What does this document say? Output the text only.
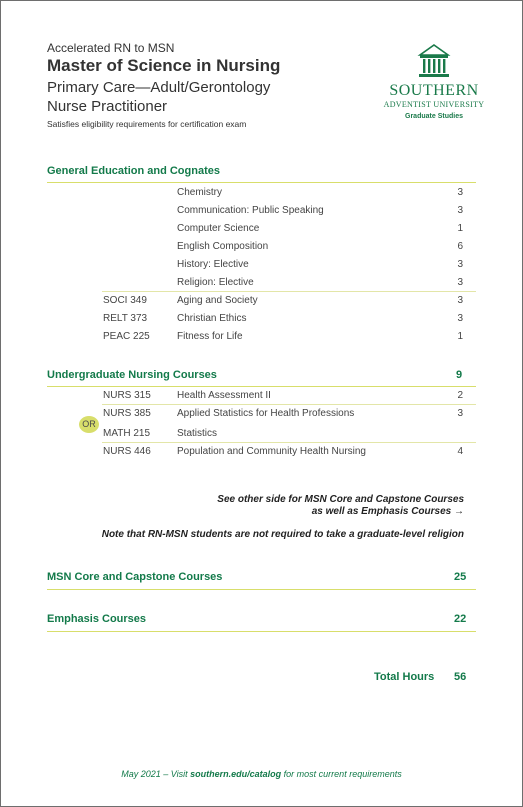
Accelerated RN to MSN
Master of Science in Nursing
Primary Care—Adult/Gerontology
Nurse Practitioner
Satisfies eligibility requirements for certification exam
SOUTHERN
ADVENTIST UNIVERSITY
Graduate Studies
General Education and Cognates
Chemistry	3
Communication: Public Speaking	3
Computer Science	1
English Composition	6
History: Elective	3
Religion: Elective	3
SOCI 349	Aging and Society	3
RELT 373	Christian Ethics	3
PEAC 225	Fitness for Life	1
Undergraduate Nursing Courses	9
NURS 315	Health Assessment II	2
NURS 385	Applied Statistics for Health Professions	3
OR
MATH 215	Statistics
NURS 446	Population and Community Health Nursing	4
See other side for MSN Core and Capstone Courses
as well as Emphasis Courses →
Note that RN-MSN students are not required to take a graduate-level religion
MSN Core and Capstone Courses	25
Emphasis Courses	22
Total Hours 56
May 2021 – Visit southern.edu/catalog for most current requirements
